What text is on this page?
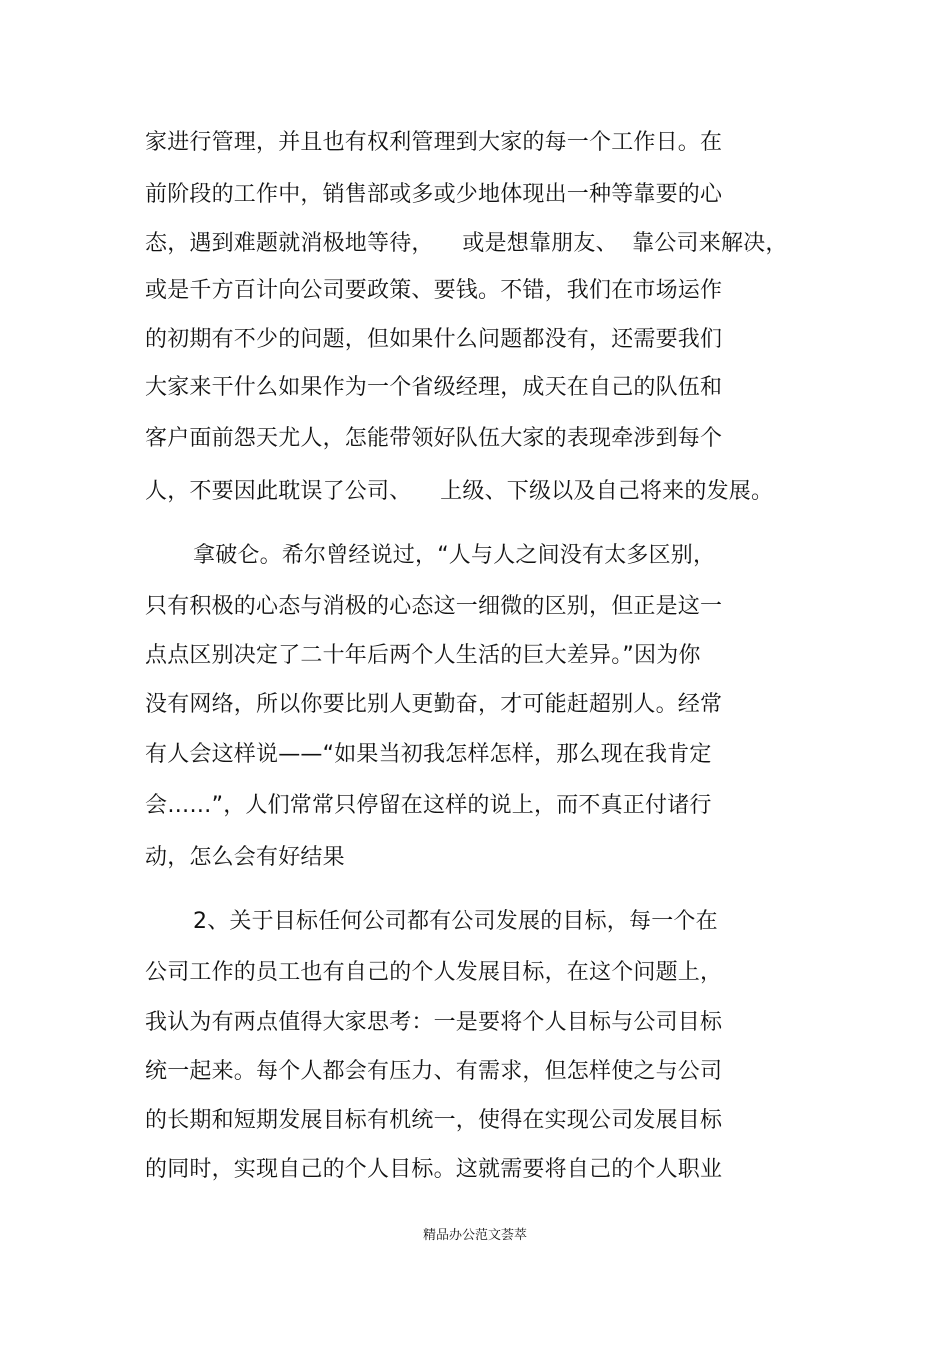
家进行管理，并且也有权利管理到大家的每一个工作日。在
前阶段的工作中，销售部或多或少地体现出一种等靠要的心
态，遇到难题就消极地等待，    或是想靠朋友、  靠公司来解决，
或是千方百计向公司要政策、要钱。不错，我们在市场运作
的初期有不少的问题，但如果什么问题都没有，还需要我们
大家来干什么如果作为一个省级经理，成天在自己的队伍和
客户面前怨天尤人，怎能带领好队伍大家的表现牵涉到每个
人，不要因此耽误了公司、    上级、下级以及自己将来的发展。
拿破仑。希尔曾经说过，“人与人之间没有太多区别，
只有积极的心态与消极的心态这一细微的区别，但正是这一
点点区别决定了二十年后两个人生活的巨大差异。”因为你
没有网络，所以你要比别人更勤奋，才可能赶超别人。经常
有人会这样说——“如果当初我怎样怎样，那么现在我肯定
会……”，人们常常只停留在这样的说上，而不真正付诸行
动，怎么会有好结果
2、关于目标任何公司都有公司发展的目标，每一个在
公司工作的员工也有自己的个人发展目标，在这个问题上，
我认为有两点值得大家思考：一是要将个人目标与公司目标
统一起来。每个人都会有压力、有需求，但怎样使之与公司
的长期和短期发展目标有机统一，使得在实现公司发展目标
的同时，实现自己的个人目标。这就需要将自己的个人职业
精品办公范文荟萃
